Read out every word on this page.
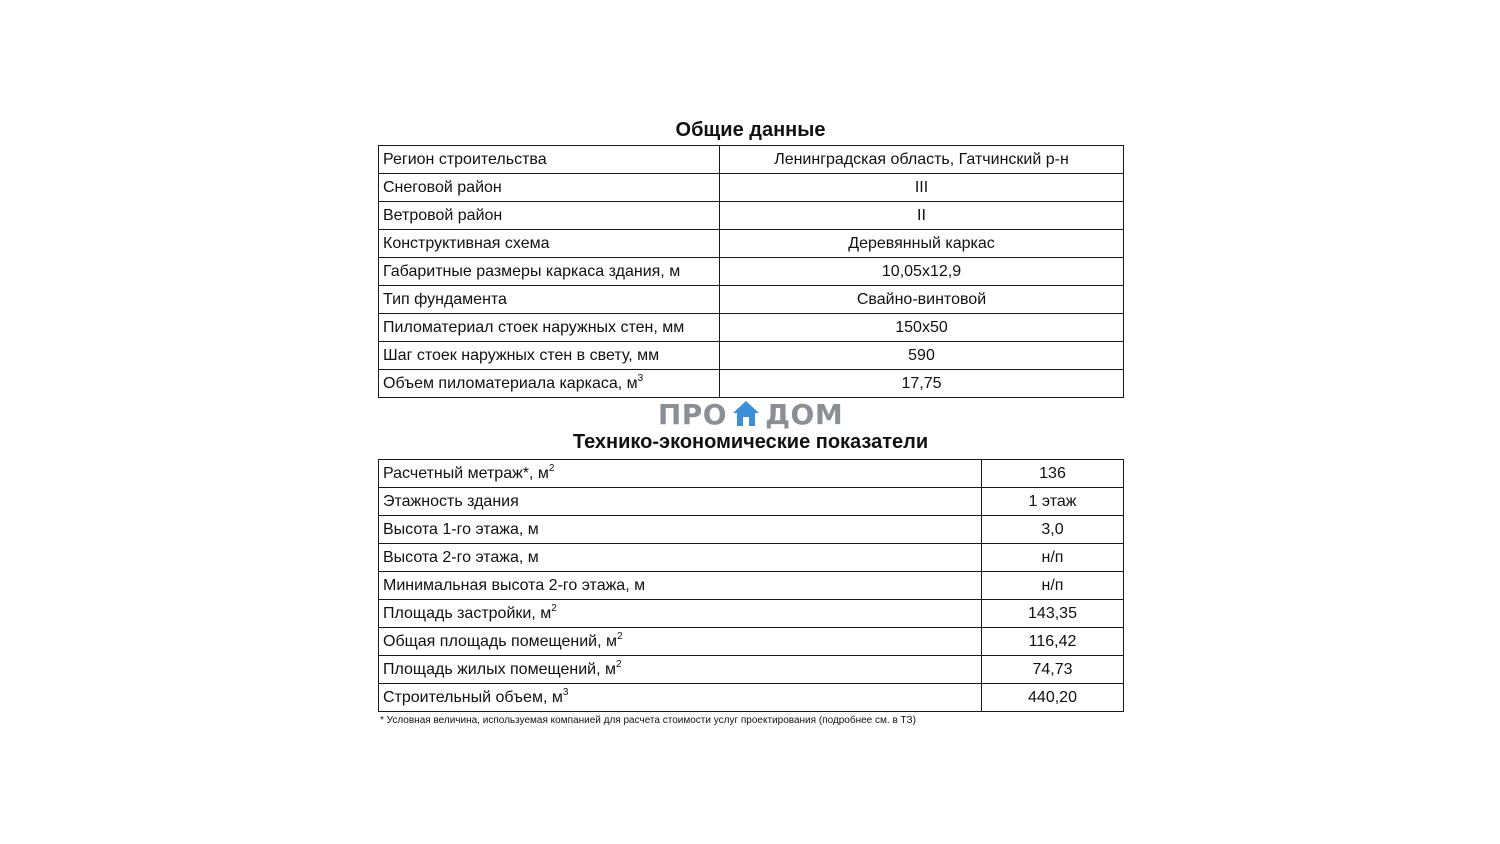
Общие данные
Регион строительства	Ленинградская область, Гатчинский р-н
Снеговой район	III
Ветровой район	II
Конструктивная схема	Деревянный каркас
Габаритные размеры каркаса здания, м	10,05x12,9
Тип фундамента	Свайно-винтовой
Пиломатериал стоек наружных стен, мм	150x50
Шаг стоек наружных стен в свету, мм	590
Объем пиломатериала каркаса, $м^3$	17,75
ПРО ДОМ
Технико-экономические показатели
Расчетный метраж*, $м^2$	136
Этажность здания	1 этаж
Высота 1-го этажа, м	3,0
Высота 2-го этажа, м	н/п
Минимальная высота 2-го этажа, м	н/п
Площадь застройки, $м^2$	143,35
Общая площадь помещений, $м^2$	116,42
Площадь жилых помещений, $м^2$	74,73
Строительный объем, $м^3$	440,20
* Условная величина, используемая компанией для расчета стоимости услуг проектирования (подробнее см. в ТЗ)
